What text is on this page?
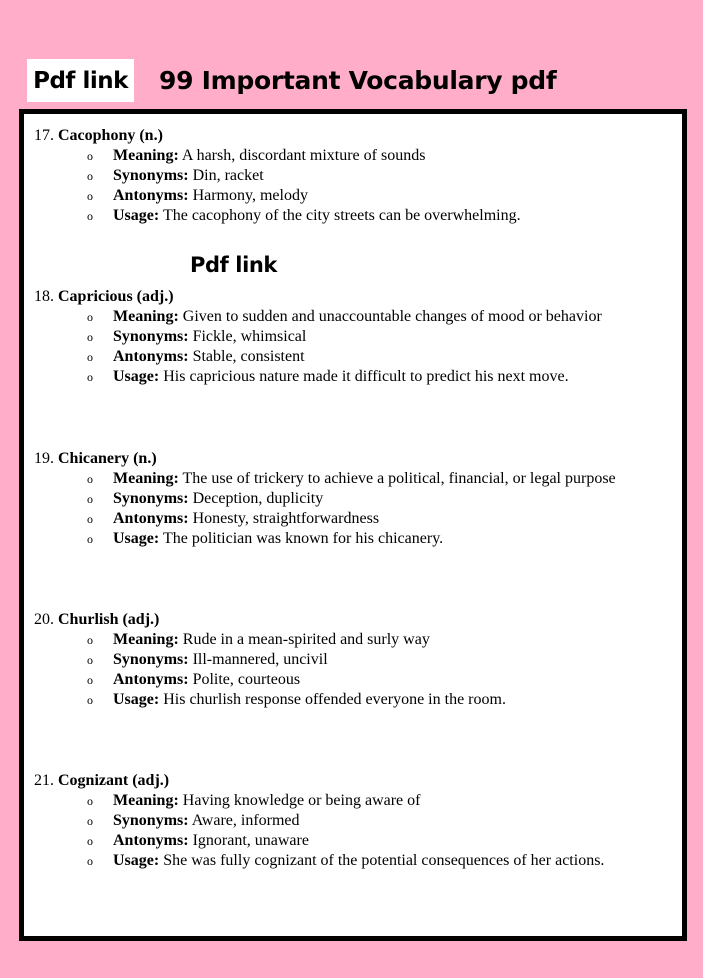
Pdf link 99 Important Vocabulary pdf
Pdf link
17. Cacophony (n.)
o Meaning: A harsh, discordant mixture of sounds
o Synonyms: Din, racket
o Antonyms: Harmony, melody
o Usage: The cacophony of the city streets can be overwhelming.
18. Capricious (adj.)
o Meaning: Given to sudden and unaccountable changes of mood or behavior
o Synonyms: Fickle, whimsical
o Antonyms: Stable, consistent
o Usage: His capricious nature made it difficult to predict his next move.
19. Chicanery (n.)
o Meaning: The use of trickery to achieve a political, financial, or legal purpose
o Synonyms: Deception, duplicity
o Antonyms: Honesty, straightforwardness
o Usage: The politician was known for his chicanery.
20. Churlish (adj.)
o Meaning: Rude in a mean-spirited and surly way
o Synonyms: Ill-mannered, uncivil
o Antonyms: Polite, courteous
o Usage: His churlish response offended everyone in the room.
21. Cognizant (adj.)
o Meaning: Having knowledge or being aware of
o Synonyms: Aware, informed
o Antonyms: Ignorant, unaware
o Usage: She was fully cognizant of the potential consequences of her actions.
